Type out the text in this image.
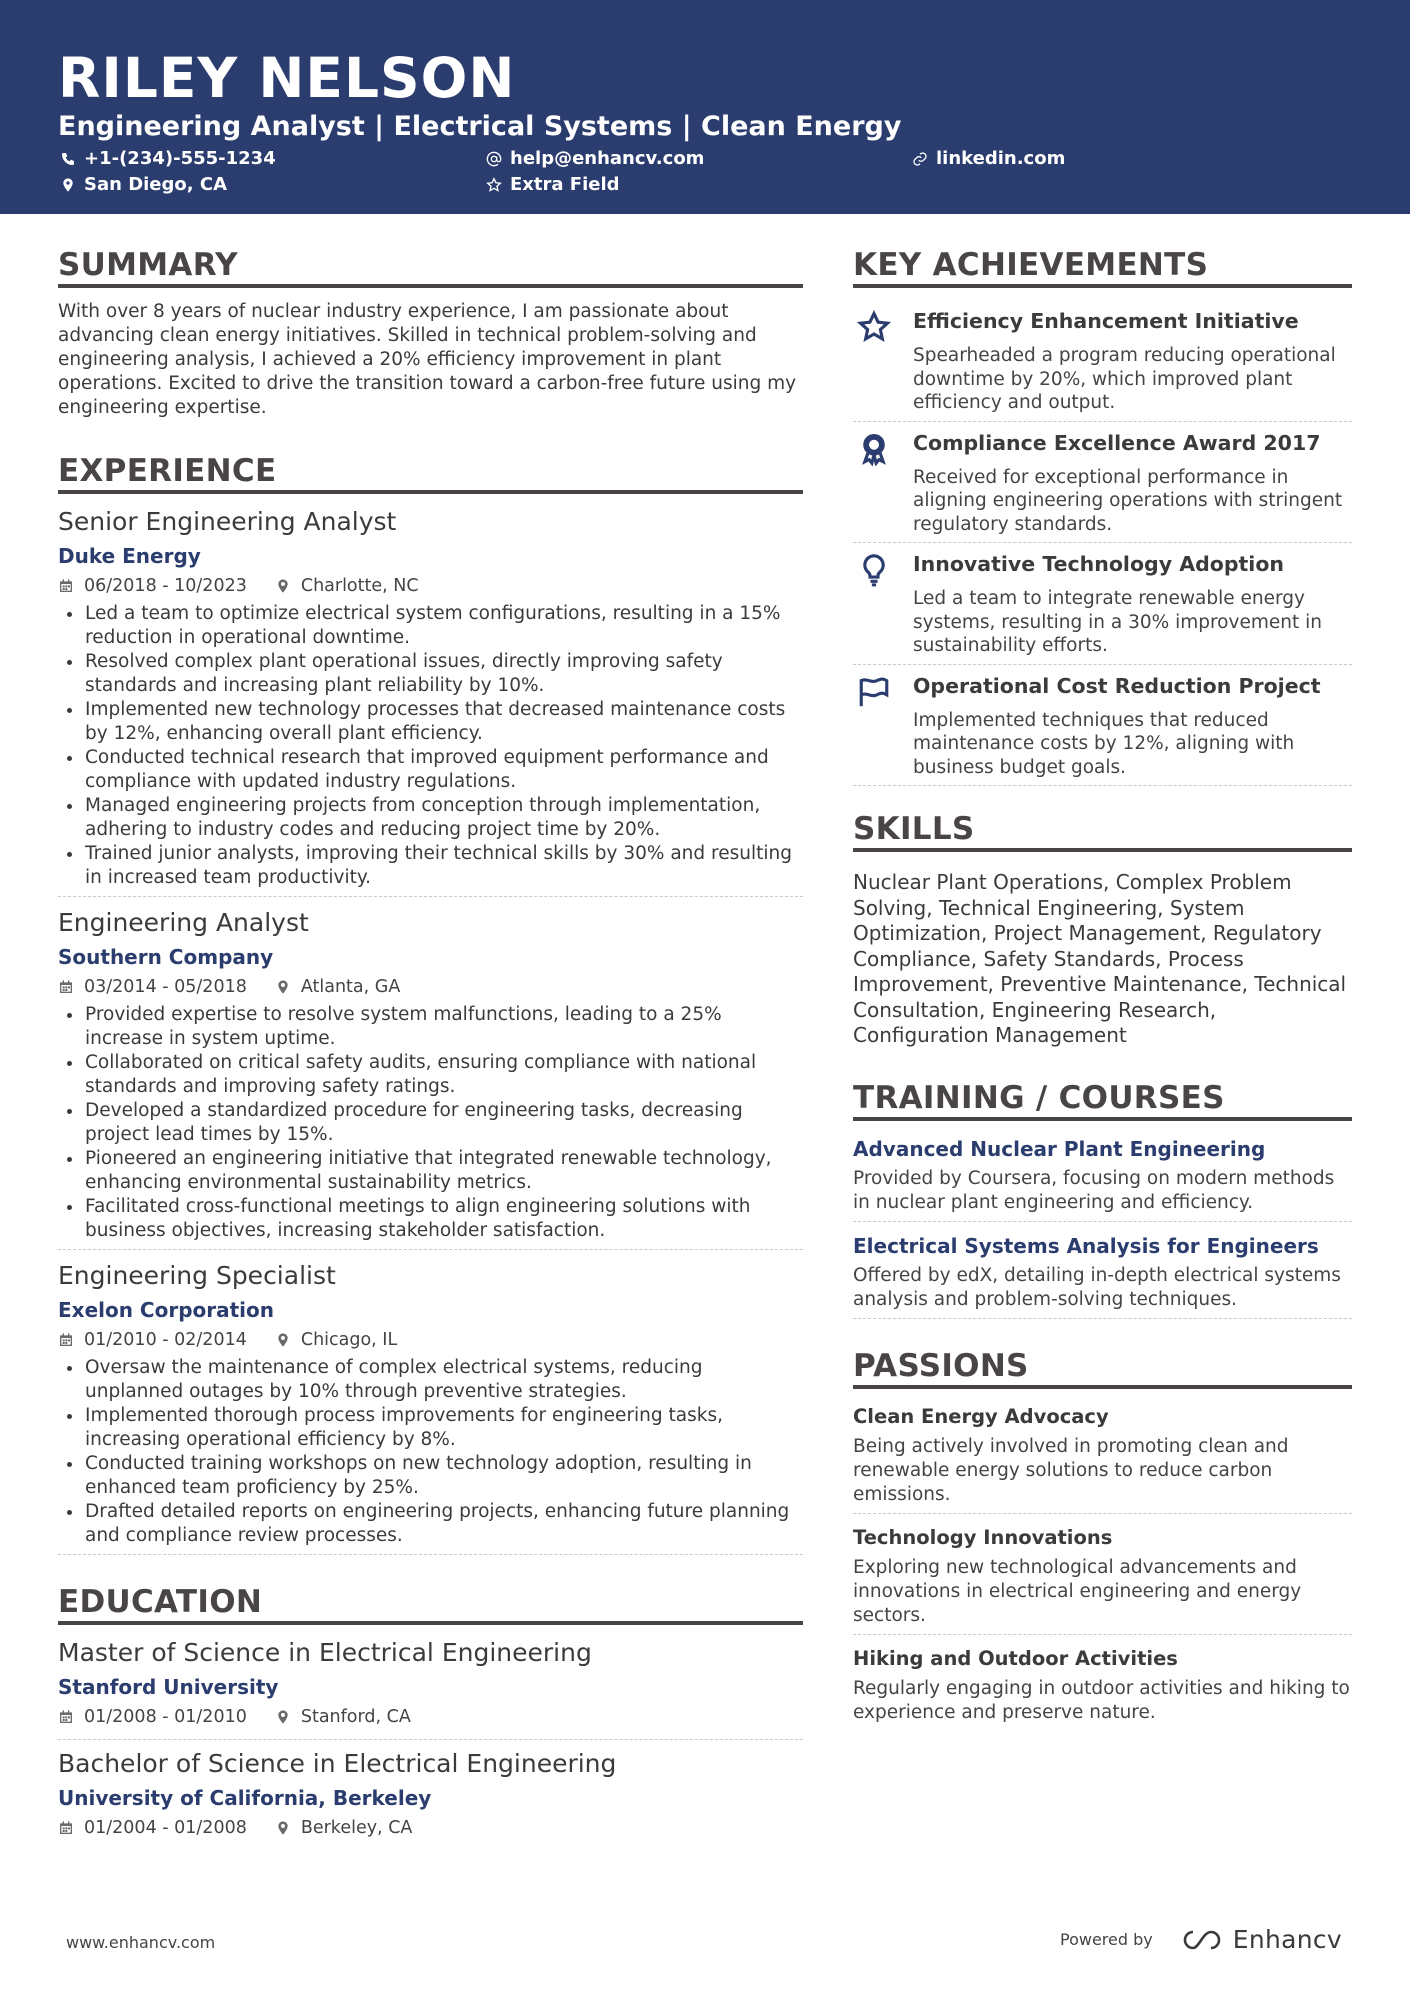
RILEY NELSON
Engineering Analyst | Electrical Systems | Clean Energy
+1-(234)-555-1234	help@enhancv.com	linkedin.com
San Diego, CA	Extra Field
SUMMARY
With over 8 years of nuclear industry experience, I am passionate about advancing clean energy initiatives. Skilled in technical problem-solving and engineering analysis, I achieved a 20% efficiency improvement in plant operations. Excited to drive the transition toward a carbon-free future using my engineering expertise.
EXPERIENCE
Senior Engineering Analyst
Duke Energy
06/2018 - 10/2023	Charlotte, NC
Led a team to optimize electrical system configurations, resulting in a 15% reduction in operational downtime.
Resolved complex plant operational issues, directly improving safety standards and increasing plant reliability by 10%.
Implemented new technology processes that decreased maintenance costs by 12%, enhancing overall plant efficiency.
Conducted technical research that improved equipment performance and compliance with updated industry regulations.
Managed engineering projects from conception through implementation, adhering to industry codes and reducing project time by 20%.
Trained junior analysts, improving their technical skills by 30% and resulting in increased team productivity.
Engineering Analyst
Southern Company
03/2014 - 05/2018	Atlanta, GA
Provided expertise to resolve system malfunctions, leading to a 25% increase in system uptime.
Collaborated on critical safety audits, ensuring compliance with national standards and improving safety ratings.
Developed a standardized procedure for engineering tasks, decreasing project lead times by 15%.
Pioneered an engineering initiative that integrated renewable technology, enhancing environmental sustainability metrics.
Facilitated cross-functional meetings to align engineering solutions with business objectives, increasing stakeholder satisfaction.
Engineering Specialist
Exelon Corporation
01/2010 - 02/2014	Chicago, IL
Oversaw the maintenance of complex electrical systems, reducing unplanned outages by 10% through preventive strategies.
Implemented thorough process improvements for engineering tasks, increasing operational efficiency by 8%.
Conducted training workshops on new technology adoption, resulting in enhanced team proficiency by 25%.
Drafted detailed reports on engineering projects, enhancing future planning and compliance review processes.
EDUCATION
Master of Science in Electrical Engineering
Stanford University
01/2008 - 01/2010	Stanford, CA
Bachelor of Science in Electrical Engineering
University of California, Berkeley
01/2004 - 01/2008	Berkeley, CA
KEY ACHIEVEMENTS
Efficiency Enhancement Initiative
Spearheaded a program reducing operational downtime by 20%, which improved plant efficiency and output.
Compliance Excellence Award 2017
Received for exceptional performance in aligning engineering operations with stringent regulatory standards.
Innovative Technology Adoption
Led a team to integrate renewable energy systems, resulting in a 30% improvement in sustainability efforts.
Operational Cost Reduction Project
Implemented techniques that reduced maintenance costs by 12%, aligning with business budget goals.
SKILLS
Nuclear Plant Operations, Complex Problem Solving, Technical Engineering, System Optimization, Project Management, Regulatory Compliance, Safety Standards, Process Improvement, Preventive Maintenance, Technical Consultation, Engineering Research, Configuration Management
TRAINING / COURSES
Advanced Nuclear Plant Engineering
Provided by Coursera, focusing on modern methods in nuclear plant engineering and efficiency.
Electrical Systems Analysis for Engineers
Offered by edX, detailing in-depth electrical systems analysis and problem-solving techniques.
PASSIONS
Clean Energy Advocacy
Being actively involved in promoting clean and renewable energy solutions to reduce carbon emissions.
Technology Innovations
Exploring new technological advancements and innovations in electrical engineering and energy sectors.
Hiking and Outdoor Activities
Regularly engaging in outdoor activities and hiking to experience and preserve nature.
www.enhancv.com	Powered by	Enhancv
